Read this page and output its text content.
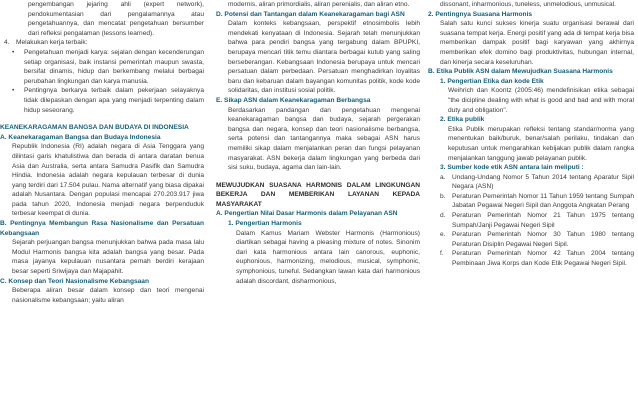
pengembangan jejaring ahli (expert network), pendokumentasian dari pengalamannya atau pengetahuannya, dan mencatat pengetahuan bersumber dari refleksi pengalaman (lessons learned).

4. Melakukan kerja terbaik:
•	Pengetahuan menjadi karya: sejalan dengan kecenderungan setiap organisasi, baik instansi pemerintah maupun swasta, bersifat dinamis, hidup dan berkembang melalui berbagai perubahan lingkungan dan karya manusia.
•	Pentingnya berkarya terbaik dalam pekerjaan selayaknya tidak dilepaskan dengan apa yang menjadi terpenting dalam hidup seseorang.

KEANEKARAGAMAN BANGSA DAN BUDAYA DI INDONESIA

A. Keanekaragaman Bangsa dan Budaya Indonesia

Republik Indonesia (RI) adalah negara di Asia Tenggara yang dilintasi garis khatulistiwa dan berada di antara daratan benua Asia dan Australia, serta antara Samudra Pasifik dan Samudra Hindia. Indonesia adalah negara kepulauan terbesar di dunia yang terdiri dari 17.504 pulau. Nama alternatif yang biasa dipakai adalah Nusantara. Dengan populasi mencapai 270.203.917 jiwa pada tahun 2020, Indonesia menjadi negara berpenduduk terbesar keempat di dunia.

B. Pentingnya Membangun Rasa Nasionalisme dan Persatuan Kebangsaan

Sejarah perjuangan bangsa menunjukkan bahwa pada masa lalu Modul Harmonis bangsa kita adalah bangsa yang besar. Pada masa jayanya kepulauan nusantara pernah berdiri kerajaan besar seperti Sriwijaya dan Majapahit.

C. Konsep dan Teori Nasionalisme Kebangsaan

Beberapa aliran besar dalam konsep dan teori mengenai nasionalisme kebangsaan; yaitu aliran

modernis, aliran primordialis, aliran perenialis, dan aliran etno.

D. Potensi dan Tantangan dalam Keanekaragaman bagi ASN

Dalam konteks kebangsaan, perspektif etnosimbolis lebih mendekati kenyataan di Indonesia. Sejarah telah menunjukkan bahwa para pendiri bangsa yang tergabung dalam BPUPKI, berupaya mencari titik temu diantara berbagai kutub yang saling berseberangan. Kebangsaan Indonesia berupaya untuk mencari persatuan dalam perbedaan. Persatuan menghadirkan loyalitas baru dan kebaruan dalam bayangan komunitas politik, kode kode solidaritas, dan institusi sosial politik.

E. Sikap ASN dalam Keanekaragaman Berbangsa

Berdasarkan pandangan dan pengetahuan mengenai keanekaragaman bangsa dan budaya, sejarah pergerakan bangsa dan negara, konsep dan teori nasionalisme berbangsa, serta potensi dan tantangannya maka sebagai ASN harus memiliki sikap dalam menjalankan peran dan fungsi pelayanan masyarakat. ASN bekerja dalam lingkungan yang berbeda dari sisi suku, budaya, agama dan lain-lain.

MEWUJUDKAN SUASANA HARMONIS DALAM LINGKUNGAN BEKERJA DAN MEMBERIKAN LAYANAN KEPADA MASYARAKAT

A. Pengertian Nilai Dasar Harmonis dalam Pelayanan ASN

1. Pengertian Harmonis

Dalam Kamus Mariam Webster Harmonis (Harmonious) diartikan sebagai having a pleasing mixture of notes. Sinonim dari kata harmonious antara lain canorous, euphonic, euphonious, harmonizing, melodious, musical, symphonic, symphonious, tuneful. Sedangkan lawan kata dari harmonious adalah discordant, disharmonious,

dissonant, inharmonious, tuneless, unmelodious, unmusical.

2. Pentingnya Suasana Harmonis

Salah satu kunci sukses kinerja suatu organisasi berawal dari suasana tempat kerja. Energi positif yang ada di tempat kerja bisa memberikan dampak positif bagi karyawan yang akhirnya memberikan efek domino bagi produktivitas, hubungan internal, dan kinerja secara keseluruhan.

B. Etika Publik ASN dalam Mewujudkan Suasana Harmonis

1. Pengertian Etika dan kode Etik

Weihrich dan Koontz (2005:46) mendefinisikan etika sebagai "the dicipline dealing with what is good and bad and with moral duty and obligation".

2. Etika publik

Etika Publik merupakan refleksi tentang standar/norma yang menentukan baik/buruk, benar/salah perilaku, tindakan dan keputusan untuk mengarahkan kebijakan publik dalam rangka menjalankan tanggung jawab pelayanan publik.

3. Sumber kode etik ASN antara lain meliputi :

a. Undang-Undang Nomor 5 Tahun 2014 tentang Aparatur Sipil Negara (ASN)
b. Peraturan Pemerintah Nomor 11 Tahun 1959 tentang Sumpah Jabatan Pegawai Negeri Sipil dan Anggota Angkatan Perang
d. Peraturan Pemerintah Nomor 21 Tahun 1975 tentang Sumpah/Janji Pegawai Negeri Sipil
e. Peraturan Pemerintah Nomor 30 Tahun 1980 tentang Peraturan Disiplin Pegawai Negeri Sipil.
f.	Peraturan Pemerintah Nomor 42 Tahun 2004 tentang Pembinaan Jiwa Korps dan Kode Etik Pegawai Negeri Sipil.
